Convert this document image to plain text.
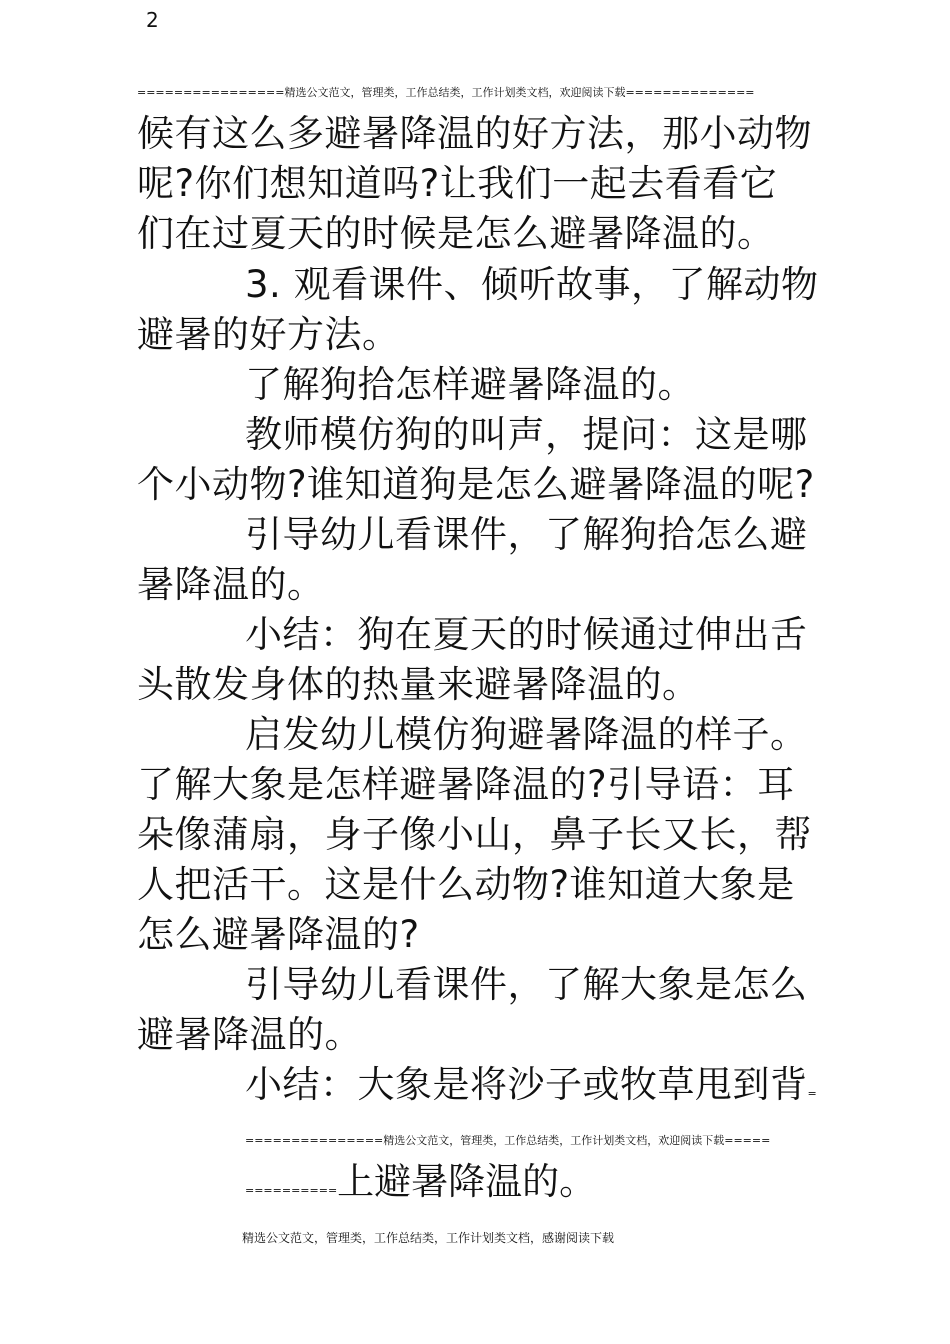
2
================精选公文范文，管理类，工作总结类，工作计划类文档，欢迎阅读下载==============
候有这么多避暑降温的好方法，那小动物
呢?你们想知道吗?让我们一起去看看它
们在过夏天的时候是怎么避暑降温的。
3. 观看课件、倾听故事，了解动物
避暑的好方法。
了解狗拾怎样避暑降温的。
教师模仿狗的叫声，提问：这是哪
个小动物?谁知道狗是怎么避暑降温的呢?
引导幼儿看课件，了解狗拾怎么避
暑降温的。
小结：狗在夏天的时候通过伸出舌
头散发身体的热量来避暑降温的。
启发幼儿模仿狗避暑降温的样子。
了解大象是怎样避暑降温的?引导语：耳
朵像蒲扇，身子像小山，鼻子长又长，帮
人把活干。这是什么动物?谁知道大象是
怎么避暑降温的?
引导幼儿看课件，了解大象是怎么
避暑降温的。
小结：大象是将沙子或牧草甩到背=
===============精选公文范文，管理类，工作总结类，工作计划类文档，欢迎阅读下载=====
==========上避暑降温的。
精选公文范文，管理类，工作总结类，工作计划类文档，感谢阅读下载
